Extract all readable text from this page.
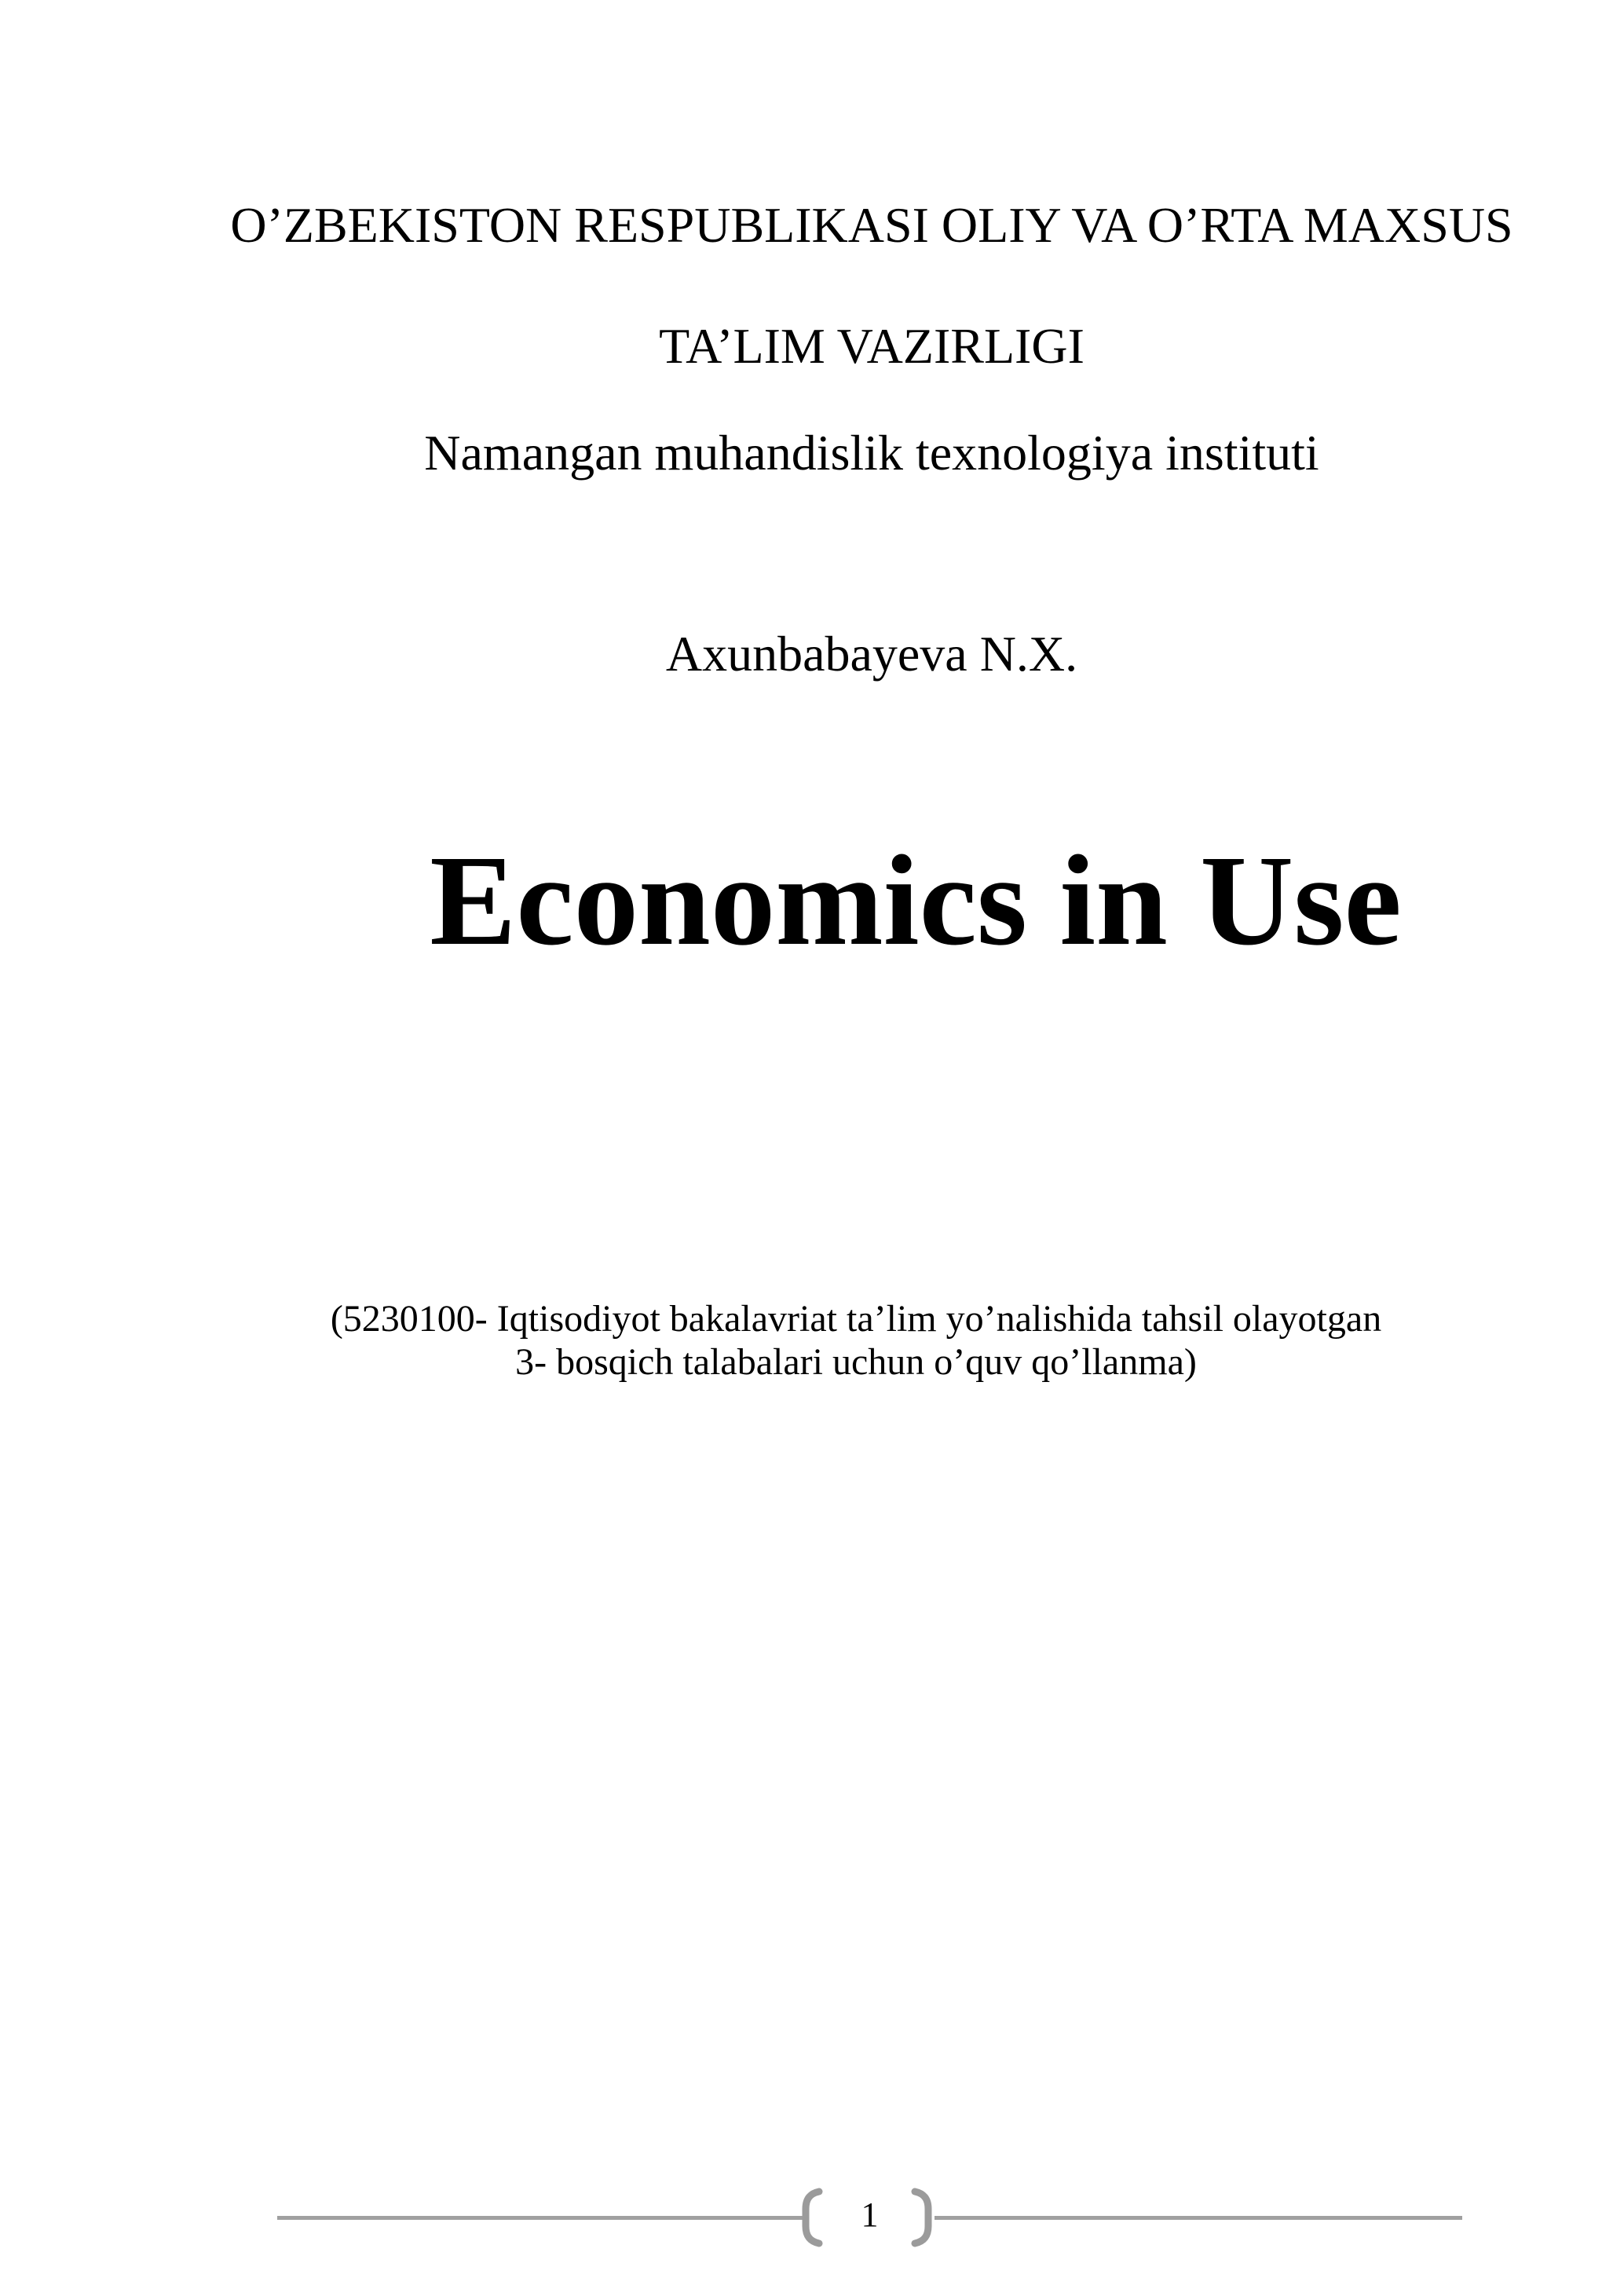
O’ZBEKISTON RESPUBLIKASI OLIY VA O’RTA MAXSUS
TA’LIM VAZIRLIGI
Namangan muhandislik texnologiya instituti
Axunbabayeva N.X.
Economics in Use
(5230100- Iqtisodiyot bakalavriat ta’lim yo’nalishida tahsil olayotgan
3- bosqich talabalari uchun o’quv qo’llanma)
1
